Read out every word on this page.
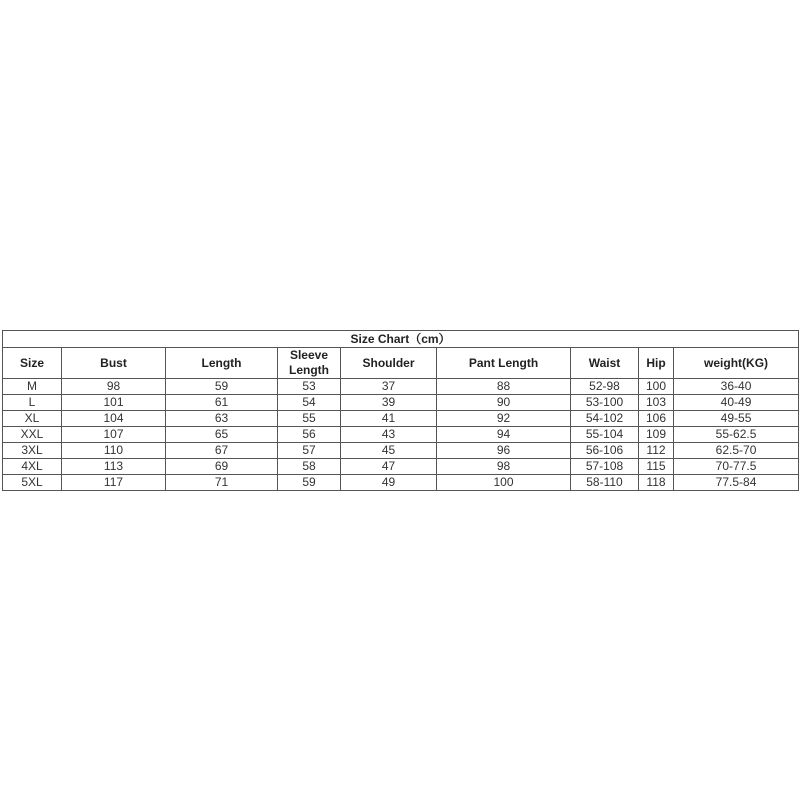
Size Chart（cm）								
Size	Bust	Length	Sleeve Length	Shoulder	Pant Length	Waist	Hip	weight(KG)
M	98	59	53	37	88	52-98	100	36-40
L	101	61	54	39	90	53-100	103	40-49
XL	104	63	55	41	92	54-102	106	49-55
XXL	107	65	56	43	94	55-104	109	55-62.5
3XL	110	67	57	45	96	56-106	112	62.5-70
4XL	113	69	58	47	98	57-108	115	70-77.5
5XL	117	71	59	49	100	58-110	118	77.5-84
